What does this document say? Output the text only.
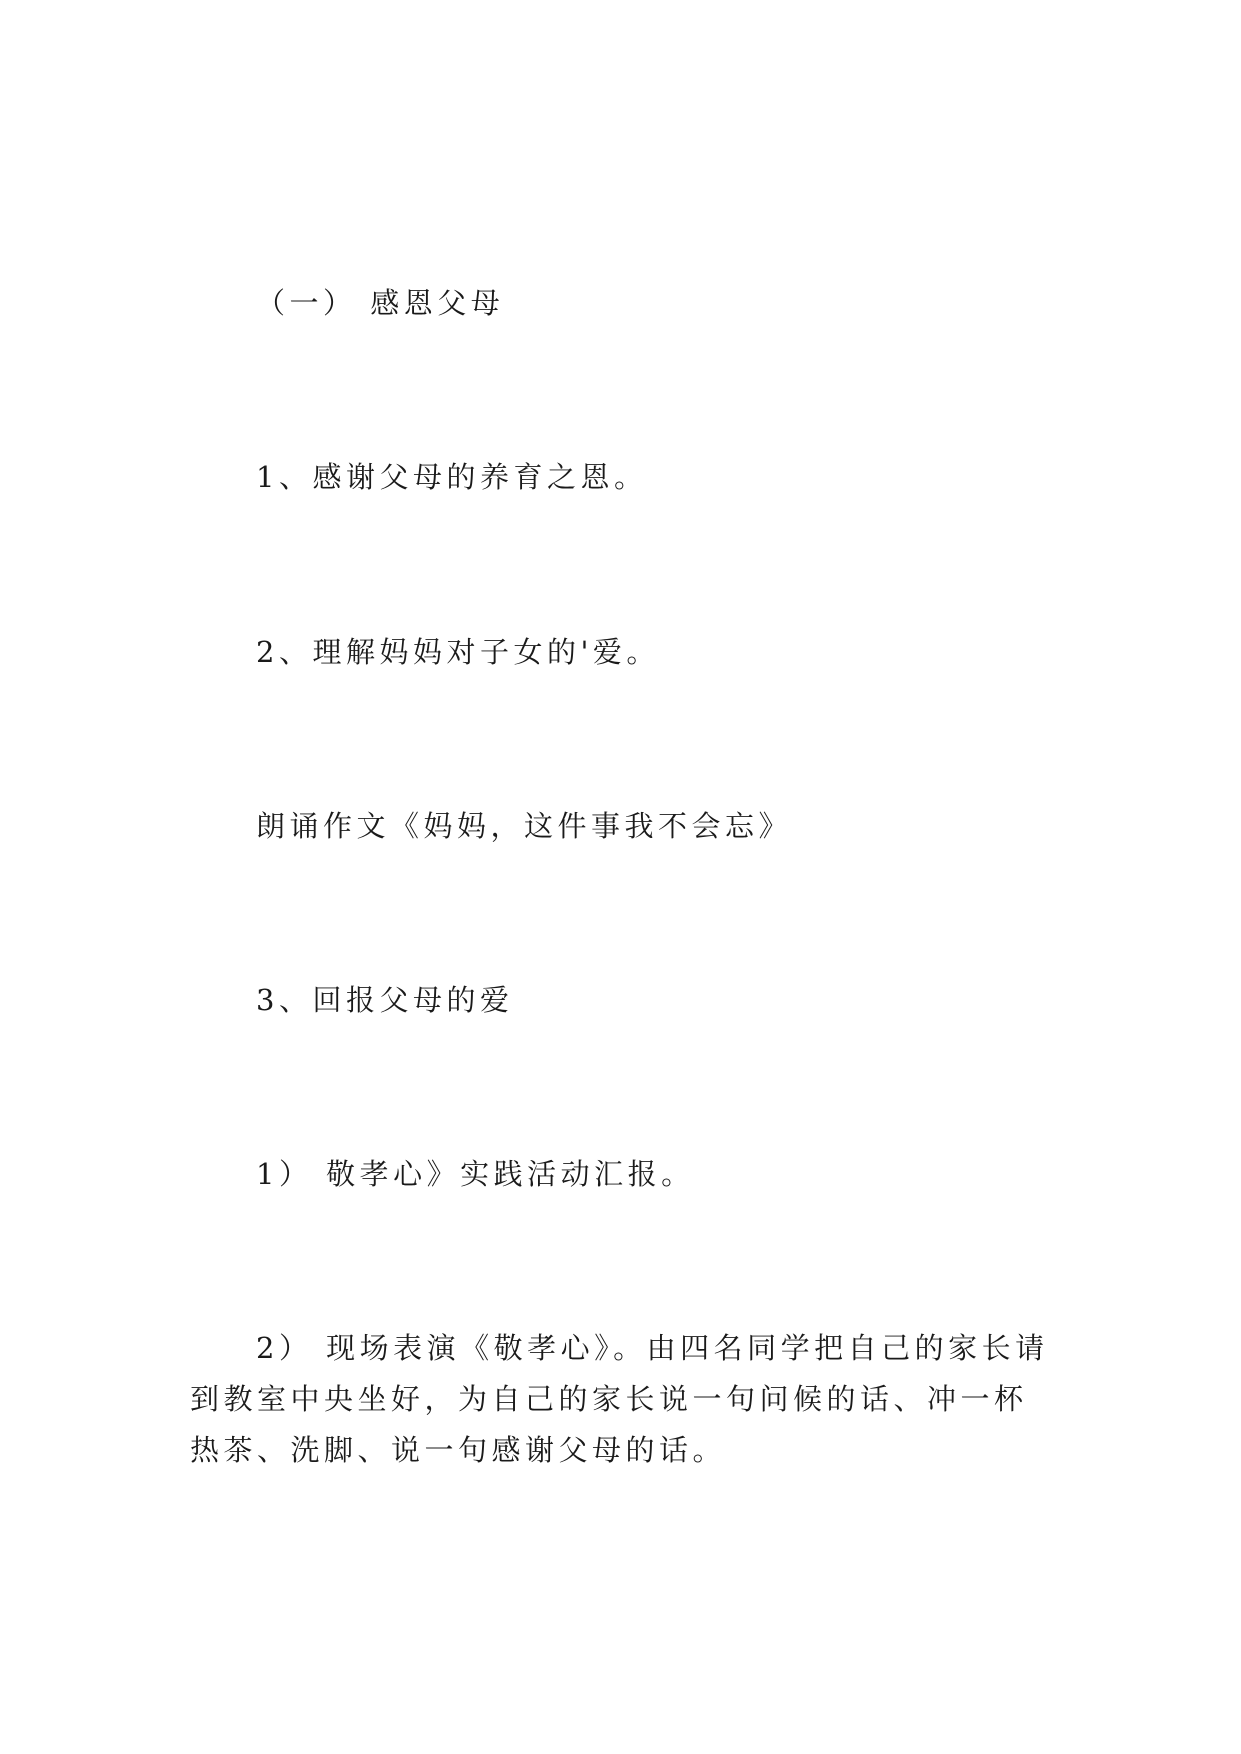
（一） 感恩父母

1、感谢父母的养育之恩。

2、理解妈妈对子女的'爱。

朗诵作文《妈妈，这件事我不会忘》

3、回报父母的爱

1） 敬孝心》实践活动汇报。

2） 现场表演《敬孝心》。由四名同学把自己的家长请到教室中央坐好，为自己的家长说一句问候的话、冲一杯热茶、洗脚、说一句感谢父母的话。
